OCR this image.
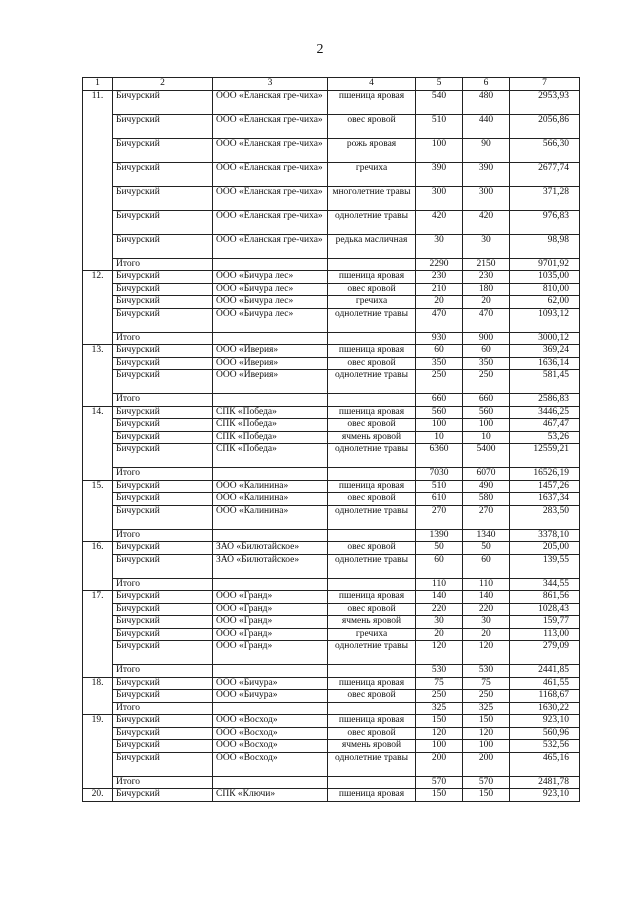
2
1	2	3	4	5	6	7
11.	Бичурский	ООО «Еланская гре-чиха»	пшеница яровая	540	480	2953,93
	Бичурский	ООО «Еланская гре-чиха»	овес яровой	510	440	2056,86
	Бичурский	ООО «Еланская гре-чиха»	рожь яровая	100	90	566,30
	Бичурский	ООО «Еланская гре-чиха»	гречиха	390	390	2677,74
	Бичурский	ООО «Еланская гре-чиха»	многолетние травы	300	300	371,28
	Бичурский	ООО «Еланская гре-чиха»	однолетние травы	420	420	976,83
	Бичурский	ООО «Еланская гре-чиха»	редька масличная	30	30	98,98
	Итого			2290	2150	9701,92
12.	Бичурский	ООО «Бичура лес»	пшеница яровая	230	230	1035,00
	Бичурский	ООО «Бичура лес»	овес яровой	210	180	810,00
	Бичурский	ООО «Бичура лес»	гречиха	20	20	62,00
	Бичурский	ООО «Бичура лес»	однолетние травы	470	470	1093,12
	Итого			930	900	3000,12
13.	Бичурский	ООО «Иверия»	пшеница яровая	60	60	369,24
	Бичурский	ООО «Иверия»	овес яровой	350	350	1636,14
	Бичурский	ООО «Иверия»	однолетние травы	250	250	581,45
	Итого			660	660	2586,83
14.	Бичурский	СПК «Победа»	пшеница яровая	560	560	3446,25
	Бичурский	СПК «Победа»	овес яровой	100	100	467,47
	Бичурский	СПК «Победа»	ячмень яровой	10	10	53,26
	Бичурский	СПК «Победа»	однолетние травы	6360	5400	12559,21
	Итого			7030	6070	16526,19
15.	Бичурский	ООО «Калинина»	пшеница яровая	510	490	1457,26
	Бичурский	ООО «Калинина»	овес яровой	610	580	1637,34
	Бичурский	ООО «Калинина»	однолетние травы	270	270	283,50
	Итого			1390	1340	3378,10
16.	Бичурский	ЗАО «Билютайское»	овес яровой	50	50	205,00
	Бичурский	ЗАО «Билютайское»	однолетние травы	60	60	139,55
	Итого			110	110	344,55
17.	Бичурский	ООО «Гранд»	пшеница яровая	140	140	861,56
	Бичурский	ООО «Гранд»	овес яровой	220	220	1028,43
	Бичурский	ООО «Гранд»	ячмень яровой	30	30	159,77
	Бичурский	ООО «Гранд»	гречиха	20	20	113,00
	Бичурский	ООО «Гранд»	однолетние травы	120	120	279,09
	Итого			530	530	2441,85
18.	Бичурский	ООО «Бичура»	пшеница яровая	75	75	461,55
	Бичурский	ООО «Бичура»	овес яровой	250	250	1168,67
	Итого			325	325	1630,22
19.	Бичурский	ООО «Восход»	пшеница яровая	150	150	923,10
	Бичурский	ООО «Восход»	овес яровой	120	120	560,96
	Бичурский	ООО «Восход»	ячмень яровой	100	100	532,56
	Бичурский	ООО «Восход»	однолетние травы	200	200	465,16
	Итого			570	570	2481,78
20.	Бичурский	СПК «Ключи»	пшеница яровая	150	150	923,10
